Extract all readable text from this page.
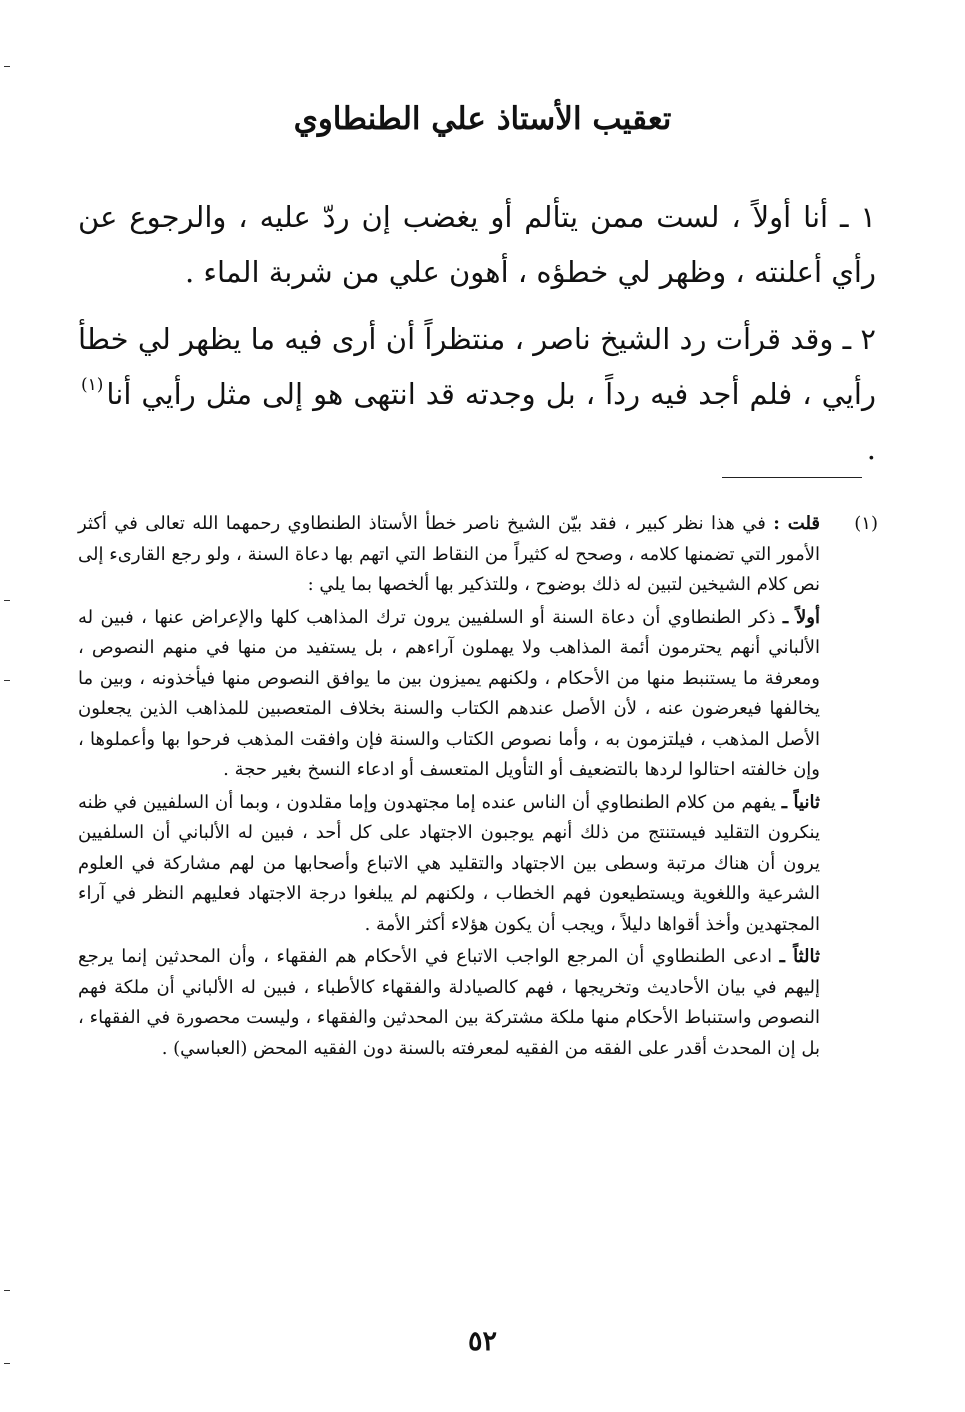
تعقيب الأستاذ علي الطنطاوي

١ ـ أنا أولاً ، لست ممن يتألم أو يغضب إن ردّ عليه ، والرجوع عن رأي أعلنته ، وظهر لي خطؤه ، أهون علي من شربة الماء .

٢ ـ وقد قرأت رد الشيخ ناصر ، منتظراً أن أرى فيه ما يظهر لي خطأ رأيي ، فلم أجد فيه رداً ، بل وجدته قد انتهى هو إلى مثل رأيي أنا$^{(١)}$ .

(١)

قلت : في هذا نظر كبير ، فقد بيّن الشيخ ناصر خطأ الأستاذ الطنطاوي رحمهما الله تعالى في أكثر الأمور التي تضمنها كلامه ، وصحح له كثيراً من النقاط التي اتهم بها دعاة السنة ، ولو رجع القارىء إلى نص كلام الشيخين لتبين له ذلك بوضوح ، وللتذكير بها ألخصها بما يلي :

أولاً ـ ذكر الطنطاوي أن دعاة السنة أو السلفيين يرون ترك المذاهب كلها والإعراض عنها ، فبين له الألباني أنهم يحترمون أئمة المذاهب ولا يهملون آراءهم ، بل يستفيد من منها في منهم النصوص ، ومعرفة ما يستنبط منها من الأحكام ، ولكنهم يميزون بين ما يوافق النصوص منها فيأخذونه ، وبين ما يخالفها فيعرضون عنه ، لأن الأصل عندهم الكتاب والسنة بخلاف المتعصبين للمذاهب الذين يجعلون الأصل المذهب ، فيلتزمون به ، وأما نصوص الكتاب والسنة فإن وافقت المذهب فرحوا بها وأعملوها ، وإن خالفته احتالوا لردها بالتضعيف أو التأويل المتعسف أو ادعاء النسخ بغير حجة .

ثانياً ـ يفهم من كلام الطنطاوي أن الناس عنده إما مجتهدون وإما مقلدون ، وبما أن السلفيين في ظنه ينكرون التقليد فيستنتج من ذلك أنهم يوجبون الاجتهاد على كل أحد ، فبين له الألباني أن السلفيين يرون أن هناك مرتبة وسطى بين الاجتهاد والتقليد هي الاتباع وأصحابها من لهم مشاركة في العلوم الشرعية واللغوية ويستطيعون فهم الخطاب ، ولكنهم لم يبلغوا درجة الاجتهاد فعليهم النظر في آراء المجتهدين وأخذ أقواها دليلاً ، ويجب أن يكون هؤلاء أكثر الأمة .

ثالثاً ـ ادعى الطنطاوي أن المرجع الواجب الاتباع في الأحكام هم الفقهاء ، وأن المحدثين إنما يرجع إليهم في بيان الأحاديث وتخريجها ، فهم كالصيادلة والفقهاء كالأطباء ، فبين له الألباني أن ملكة فهم النصوص واستنباط الأحكام منها ملكة مشتركة بين المحدثين والفقهاء ، وليست محصورة في الفقهاء ، بل إن المحدث أقدر على الفقه من الفقيه لمعرفته بالسنة دون الفقيه المحض (العباسي) .

٥٢
